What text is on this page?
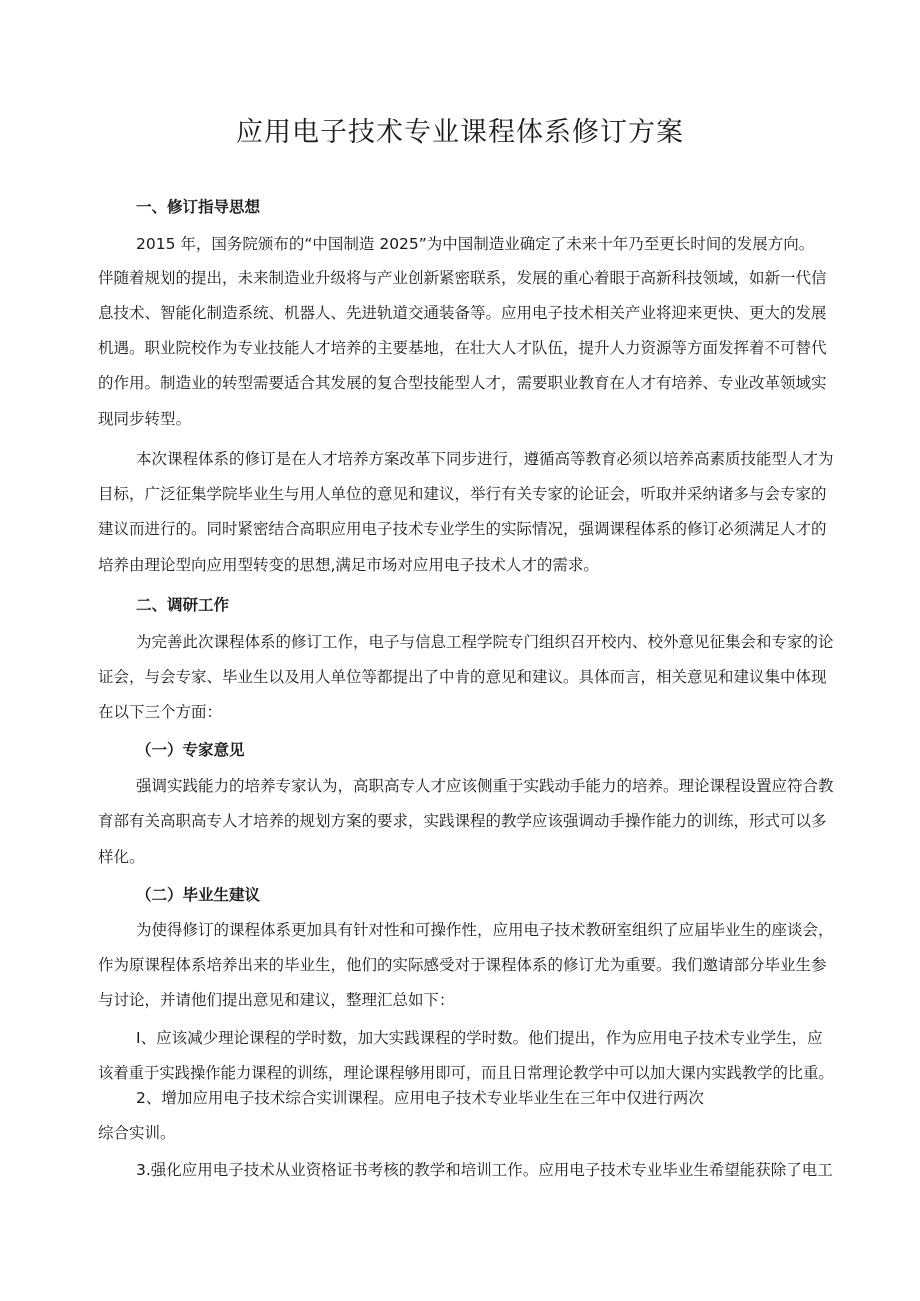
应用电子技术专业课程体系修订方案

一、修订指导思想

2015 年，国务院颁布的“中国制造 2025”为中国制造业确定了未来十年乃至更长时间的发展方向。

伴随着规划的提出，未来制造业升级将与产业创新紧密联系，发展的重心着眼于高新科技领域，如新一代信

息技术、智能化制造系统、机器人、先进轨道交通装备等。应用电子技术相关产业将迎来更快、更大的发展

机遇。职业院校作为专业技能人才培养的主要基地，在壮大人才队伍，提升人力资源等方面发挥着不可替代

的作用。制造业的转型需要适合其发展的复合型技能型人才，需要职业教育在人才有培养、专业改革领域实

现同步转型。

本次课程体系的修订是在人才培养方案改革下同步进行，遵循高等教育必须以培养高素质技能型人才为

目标，广泛征集学院毕业生与用人单位的意见和建议，举行有关专家的论证会，听取并采纳诸多与会专家的

建议而进行的。同时紧密结合高职应用电子技术专业学生的实际情况，强调课程体系的修订必须满足人才的

培养由理论型向应用型转变的思想,满足市场对应用电子技术人才的需求。

二、调研工作

为完善此次课程体系的修订工作，电子与信息工程学院专门组织召开校内、校外意见征集会和专家的论

证会，与会专家、毕业生以及用人单位等都提出了中肯的意见和建议。具体而言，相关意见和建议集中体现

在以下三个方面：

（一）专家意见

强调实践能力的培养专家认为，高职高专人才应该侧重于实践动手能力的培养。理论课程设置应符合教

育部有关高职高专人才培养的规划方案的要求，实践课程的教学应该强调动手操作能力的训练，形式可以多

样化。

（二）毕业生建议

为使得修订的课程体系更加具有针对性和可操作性，应用电子技术教研室组织了应届毕业生的座谈会，

作为原课程体系培养出来的毕业生，他们的实际感受对于课程体系的修订尤为重要。我们邀请部分毕业生参

与讨论，并请他们提出意见和建议，整理汇总如下：

Ⅰ、应该减少理论课程的学时数，加大实践课程的学时数。他们提出，作为应用电子技术专业学生，应

该着重于实践操作能力课程的训练，理论课程够用即可，而且日常理论教学中可以加大课内实践教学的比重。

2、增加应用电子技术综合实训课程。应用电子技术专业毕业生在三年中仅进行两次

综合实训。

3.强化应用电子技术从业资格证书考核的教学和培训工作。应用电子技术专业毕业生希望能获除了电工
